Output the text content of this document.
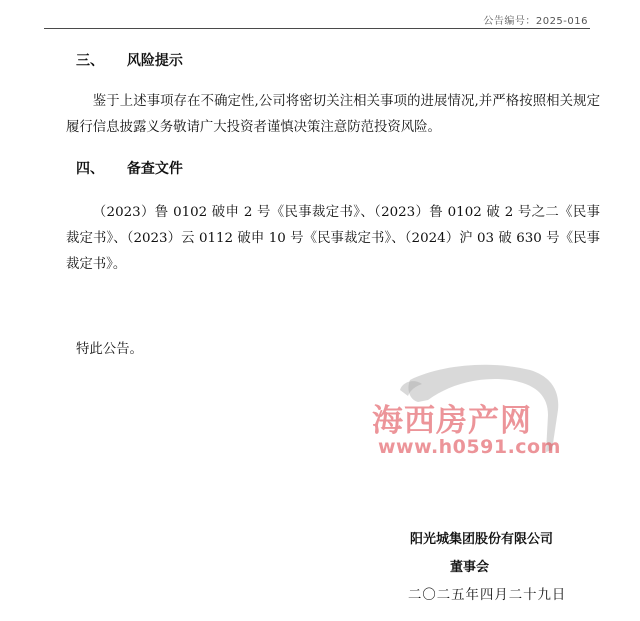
公告编号：2025-016
三、 风险提示
鉴于上述事项存在不确定性,公司将密切关注相关事项的进展情况,并严格按照相关规定履行信息披露义务敬请广大投资者谨慎决策注意防范投资风险。
四、 备查文件
（2023）鲁 0102 破申 2 号《民事裁定书》、（2023）鲁 0102 破 2 号之二《民事裁定书》、（2023）云 0112 破申 10 号《民事裁定书》、（2024）沪 03 破 630 号《民事裁定书》。
特此公告。
海西房产网
www.h0591.com
阳光城集团股份有限公司
董事会
二〇二五年四月二十九日
